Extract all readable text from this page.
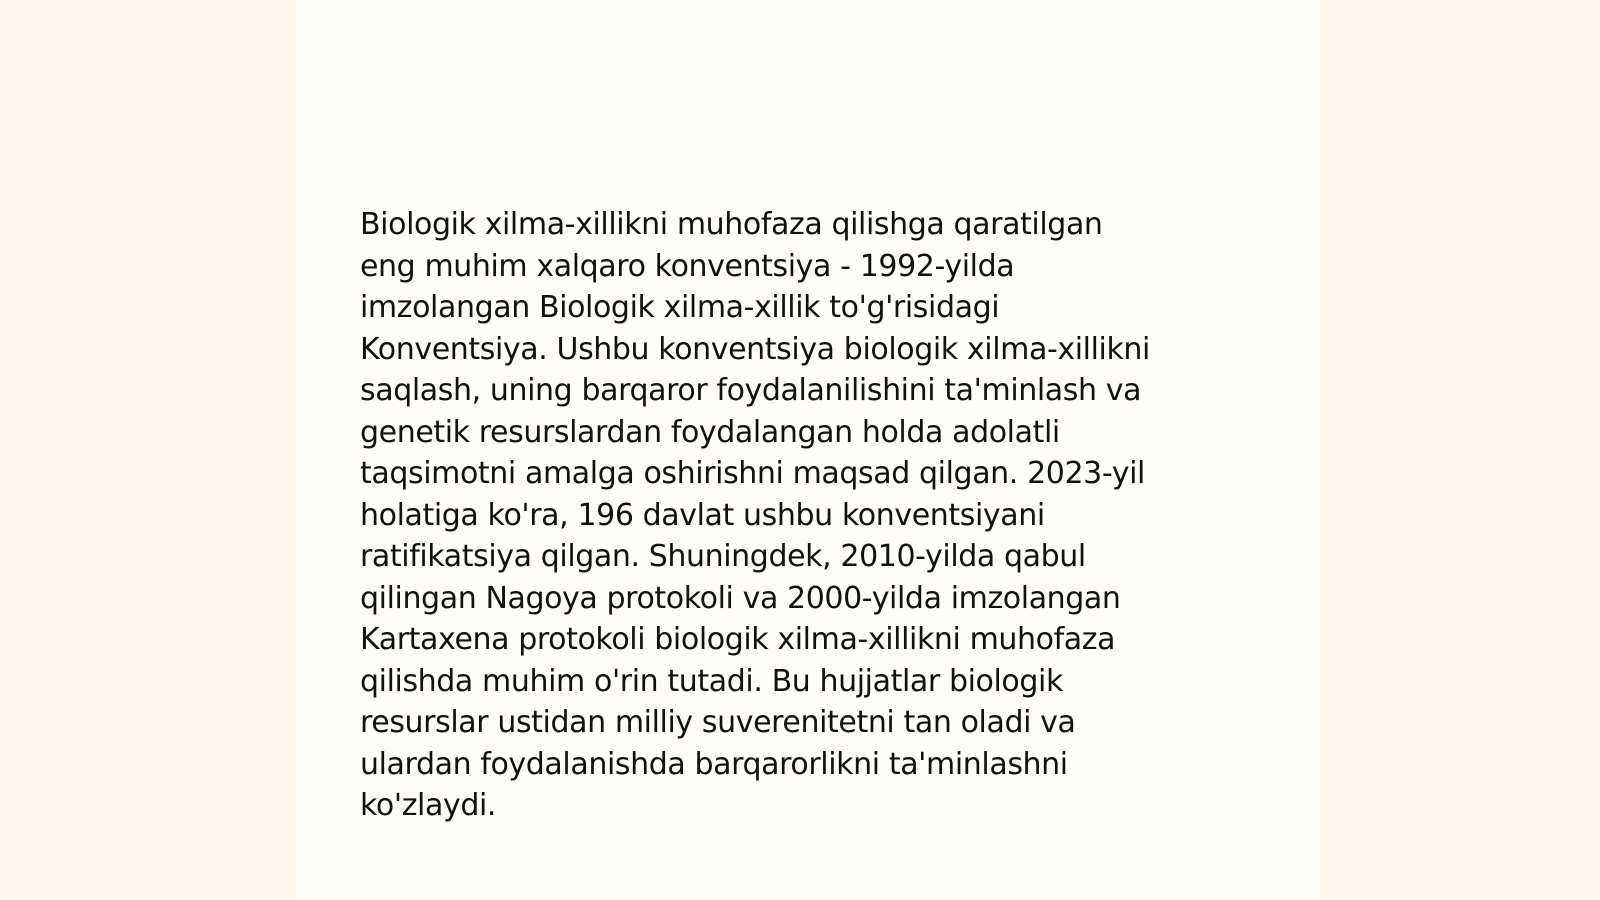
Biologik xilma-xillikni muhofaza qilishga qaratilgan
eng muhim xalqaro konventsiya - 1992-yilda
imzolangan Biologik xilma-xillik to'g'risidagi
Konventsiya. Ushbu konventsiya biologik xilma-xillikni
saqlash, uning barqaror foydalanilishini ta'minlash va
genetik resurslardan foydalangan holda adolatli
taqsimotni amalga oshirishni maqsad qilgan. 2023-yil
holatiga ko'ra, 196 davlat ushbu konventsiyani
ratifikatsiya qilgan. Shuningdek, 2010-yilda qabul
qilingan Nagoya protokoli va 2000-yilda imzolangan
Kartaxena protokoli biologik xilma-xillikni muhofaza
qilishda muhim o'rin tutadi. Bu hujjatlar biologik
resurslar ustidan milliy suverenitetni tan oladi va
ulardan foydalanishda barqarorlikni ta'minlashni
ko'zlaydi.
